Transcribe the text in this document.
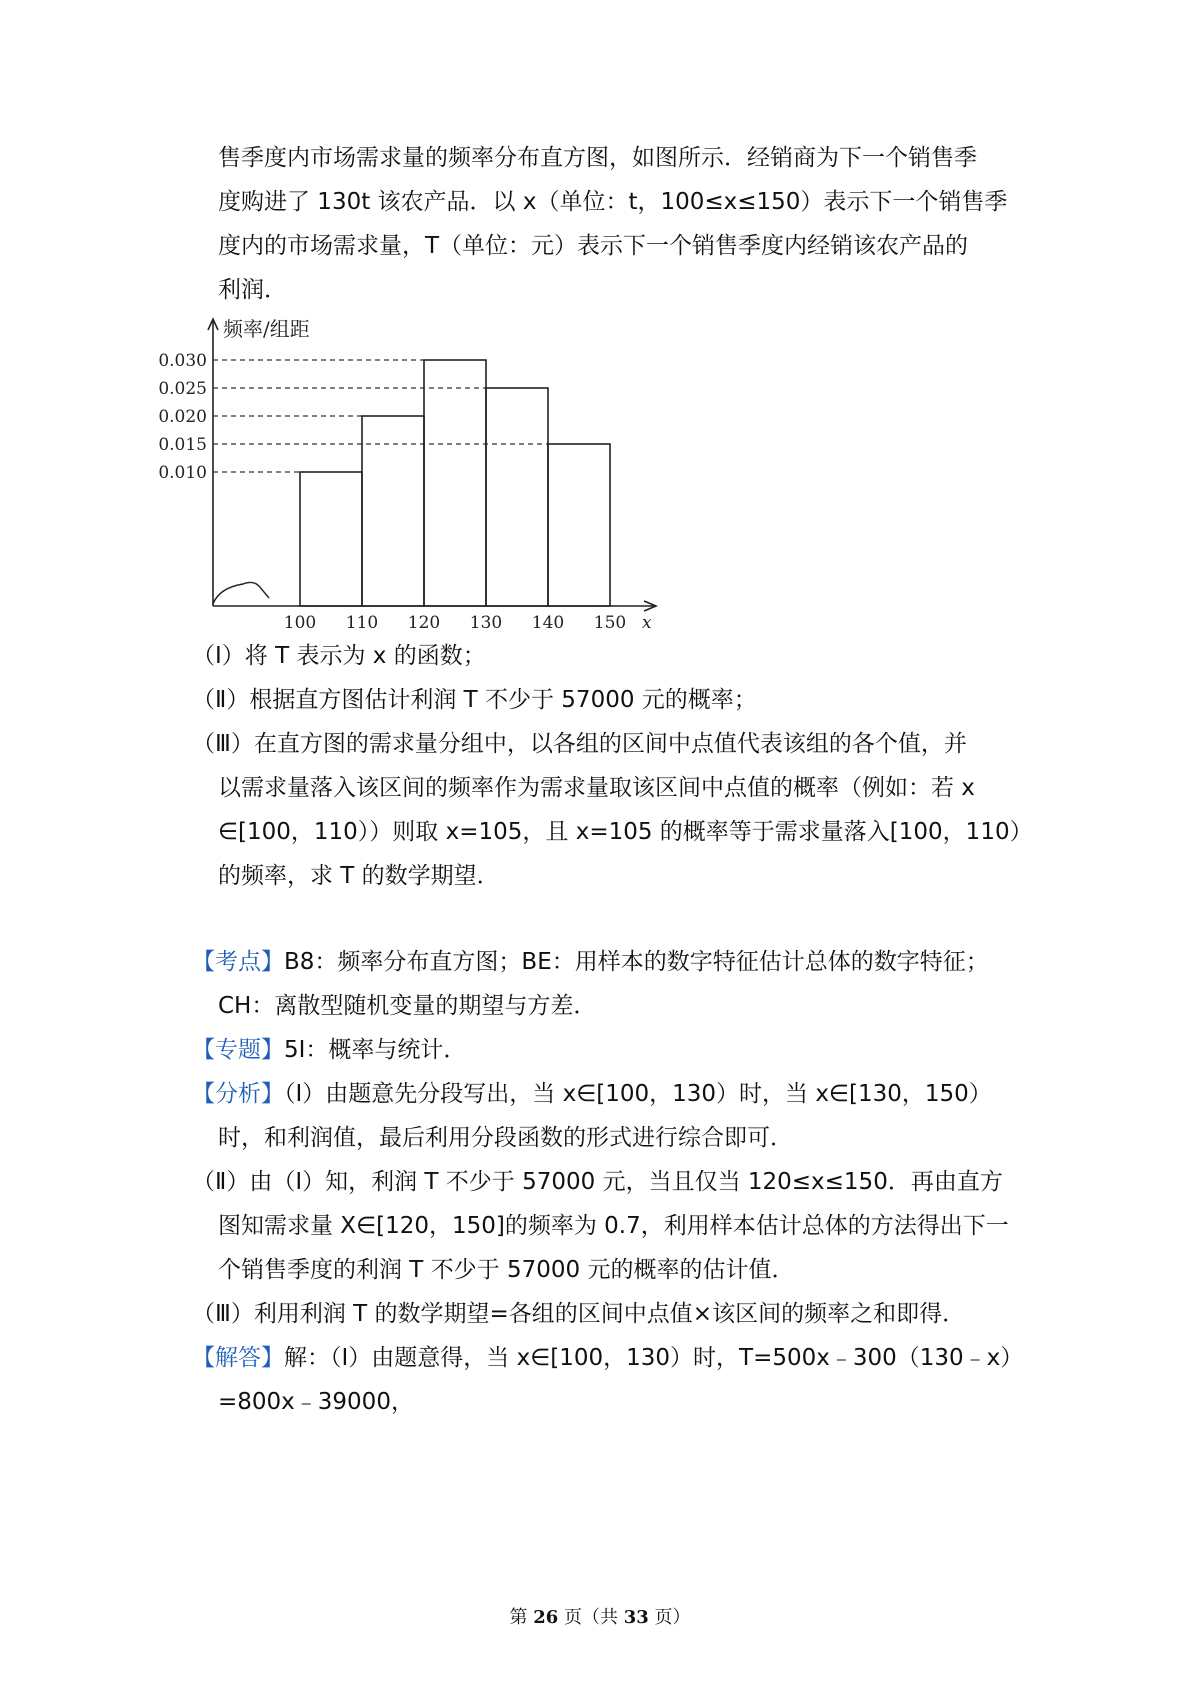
售季度内市场需求量的频率分布直方图，如图所示．经销商为下一个销售季
度购进了 130t 该农产品．以 x（单位：t，100≤x≤150）表示下一个销售季
度内的市场需求量，T（单位：元）表示下一个销售季度内经销该农产品的
利润．
频率/组距
0.010
0.015
0.020
0.025
0.030
100 110 120 130 140 150 x
（Ⅰ）将 T 表示为 x 的函数；
（Ⅱ）根据直方图估计利润 T 不少于 57000 元的概率；
（Ⅲ）在直方图的需求量分组中，以各组的区间中点值代表该组的各个值，并
以需求量落入该区间的频率作为需求量取该区间中点值的概率（例如：若 x
∈[100，110））则取 x=105，且 x=105 的概率等于需求量落入[100，110）
的频率，求 T 的数学期望．
【考点】B8：频率分布直方图；BE：用样本的数字特征估计总体的数字特征；
CH：离散型随机变量的期望与方差．
【专题】5I：概率与统计．
【分析】（Ⅰ）由题意先分段写出，当 x∈[100，130）时，当 x∈[130，150）
时，和利润值，最后利用分段函数的形式进行综合即可．
（Ⅱ）由（Ⅰ）知，利润 T 不少于 57000 元，当且仅当 120≤x≤150．再由直方
图知需求量 X∈[120，150]的频率为 0.7，利用样本估计总体的方法得出下一
个销售季度的利润 T 不少于 57000 元的概率的估计值．
（Ⅲ）利用利润 T 的数学期望=各组的区间中点值×该区间的频率之和即得．
【解答】解：（Ⅰ）由题意得，当 x∈[100，130）时，T=500x﹣300（130﹣x）
=800x﹣39000，
第 26 页（共 33 页）
